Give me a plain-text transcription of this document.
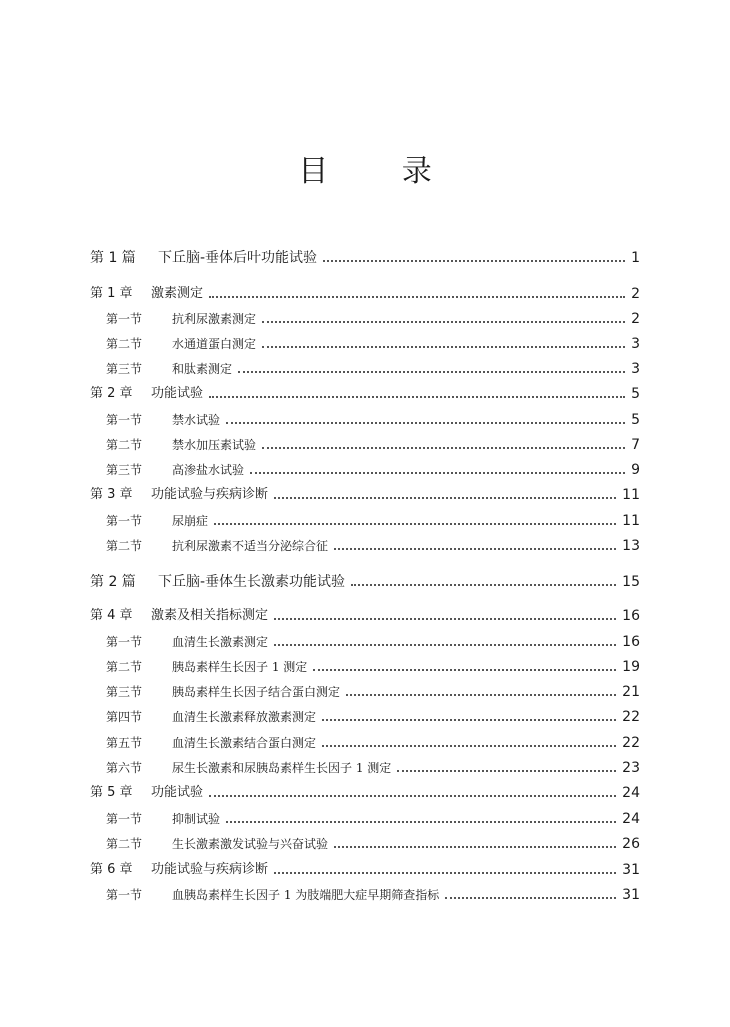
目 录
第 1 篇	下丘脑-垂体后叶功能试验	1
第 1 章	激素测定	2
第一节	抗利尿激素测定	2
第二节	水通道蛋白测定	3
第三节	和肽素测定	3
第 2 章	功能试验	5
第一节	禁水试验	5
第二节	禁水加压素试验	7
第三节	高渗盐水试验	9
第 3 章	功能试验与疾病诊断	11
第一节	尿崩症	11
第二节	抗利尿激素不适当分泌综合征	13
第 2 篇	下丘脑-垂体生长激素功能试验	15
第 4 章	激素及相关指标测定	16
第一节	血清生长激素测定	16
第二节	胰岛素样生长因子 1 测定	19
第三节	胰岛素样生长因子结合蛋白测定	21
第四节	血清生长激素释放激素测定	22
第五节	血清生长激素结合蛋白测定	22
第六节	尿生长激素和尿胰岛素样生长因子 1 测定	23
第 5 章	功能试验	24
第一节	抑制试验	24
第二节	生长激素激发试验与兴奋试验	26
第 6 章	功能试验与疾病诊断	31
第一节	血胰岛素样生长因子 1 为肢端肥大症早期筛查指标	31
